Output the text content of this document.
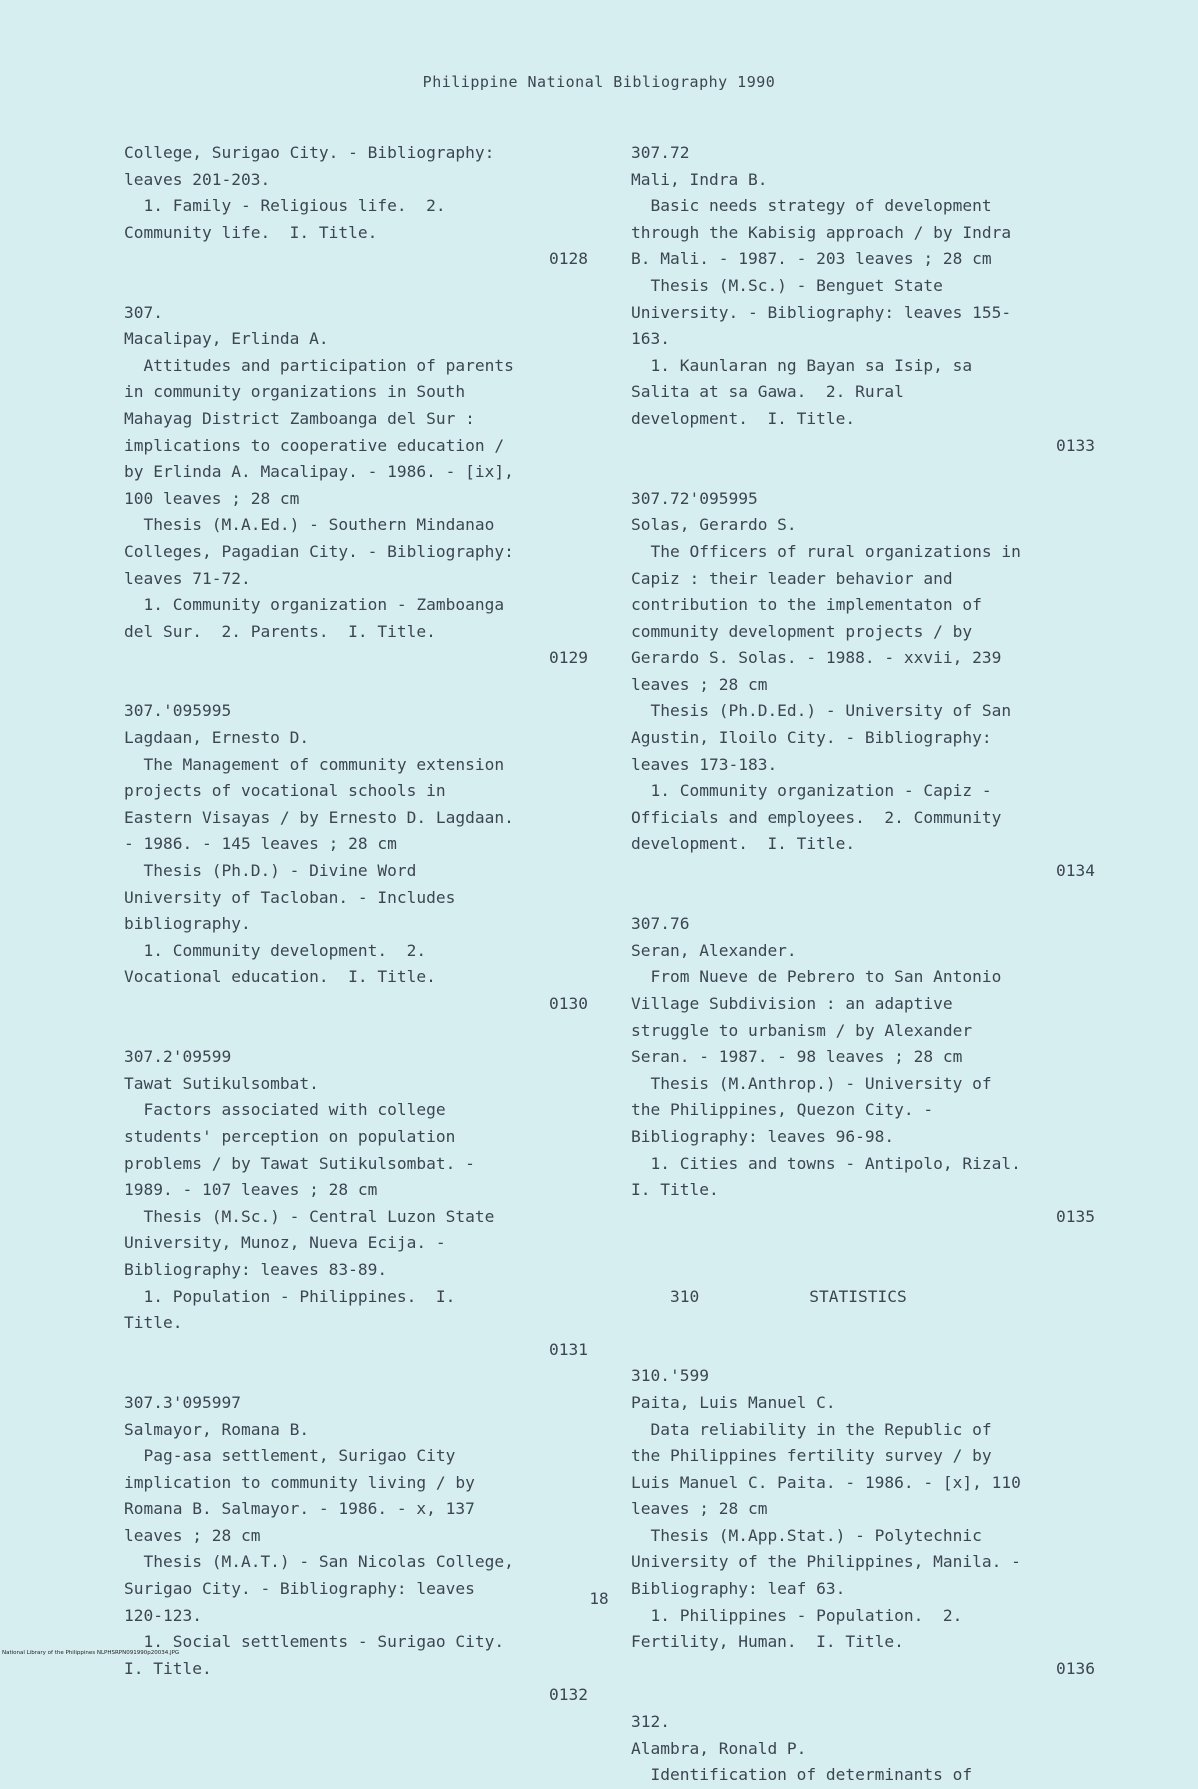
Philippine National Bibliography 1990
College, Surigao City. - Bibliography:
leaves 201-203.
1. Family - Religious life.  2.
Community life.  I. Title.
0128
307.
Macalipay, Erlinda A.
Attitudes and participation of parents
in community organizations in South
Mahayag District Zamboanga del Sur :
implications to cooperative education /
by Erlinda A. Macalipay. - 1986. - [ix],
100 leaves ; 28 cm
Thesis (M.A.Ed.) - Southern Mindanao
Colleges, Pagadian City. - Bibliography:
leaves 71-72.
1. Community organization - Zamboanga
del Sur.  2. Parents.  I. Title.
0129
307.'095995
Lagdaan, Ernesto D.
The Management of community extension
projects of vocational schools in
Eastern Visayas / by Ernesto D. Lagdaan.
- 1986. - 145 leaves ; 28 cm
Thesis (Ph.D.) - Divine Word
University of Tacloban. - Includes
bibliography.
1. Community development.  2.
Vocational education.  I. Title.
0130
307.2'09599
Tawat Sutikulsombat.
Factors associated with college
students' perception on population
problems / by Tawat Sutikulsombat. -
1989. - 107 leaves ; 28 cm
Thesis (M.Sc.) - Central Luzon State
University, Munoz, Nueva Ecija. -
Bibliography: leaves 83-89.
1. Population - Philippines.  I.
Title.
0131
307.3'095997
Salmayor, Romana B.
Pag-asa settlement, Surigao City
implication to community living / by
Romana B. Salmayor. - 1986. - x, 137
leaves ; 28 cm
Thesis (M.A.T.) - San Nicolas College,
Surigao City. - Bibliography: leaves
120-123.
1. Social settlements - Surigao City.
I. Title.
0132
307.72
Mali, Indra B.
Basic needs strategy of development
through the Kabisig approach / by Indra
B. Mali. - 1987. - 203 leaves ; 28 cm
Thesis (M.Sc.) - Benguet State
University. - Bibliography: leaves 155-
163.
1. Kaunlaran ng Bayan sa Isip, sa
Salita at sa Gawa.  2. Rural
development.  I. Title.
0133
307.72'095995
Solas, Gerardo S.
The Officers of rural organizations in
Capiz : their leader behavior and
contribution to the implementaton of
community development projects / by
Gerardo S. Solas. - 1988. - xxvii, 239
leaves ; 28 cm
Thesis (Ph.D.Ed.) - University of San
Agustin, Iloilo City. - Bibliography:
leaves 173-183.
1. Community organization - Capiz -
Officials and employees.  2. Community
development.  I. Title.
0134
307.76
Seran, Alexander.
From Nueve de Pebrero to San Antonio
Village Subdivision : an adaptive
struggle to urbanism / by Alexander
Seran. - 1987. - 98 leaves ; 28 cm
Thesis (M.Anthrop.) - University of
the Philippines, Quezon City. -
Bibliography: leaves 96-98.
1. Cities and towns - Antipolo, Rizal.
I. Title.
0135

310	STATISTICS

310.'599
Paita, Luis Manuel C.
Data reliability in the Republic of
the Philippines fertility survey / by
Luis Manuel C. Paita. - 1986. - [x], 110
leaves ; 28 cm
Thesis (M.App.Stat.) - Polytechnic
University of the Philippines, Manila. -
Bibliography: leaf 63.
1. Philippines - Population.  2.
Fertility, Human.  I. Title.
0136
312.
Alambra, Ronald P.
Identification of determinants of
18
National Library of the Philippines NLPHSRPN091990p20034.JPG
